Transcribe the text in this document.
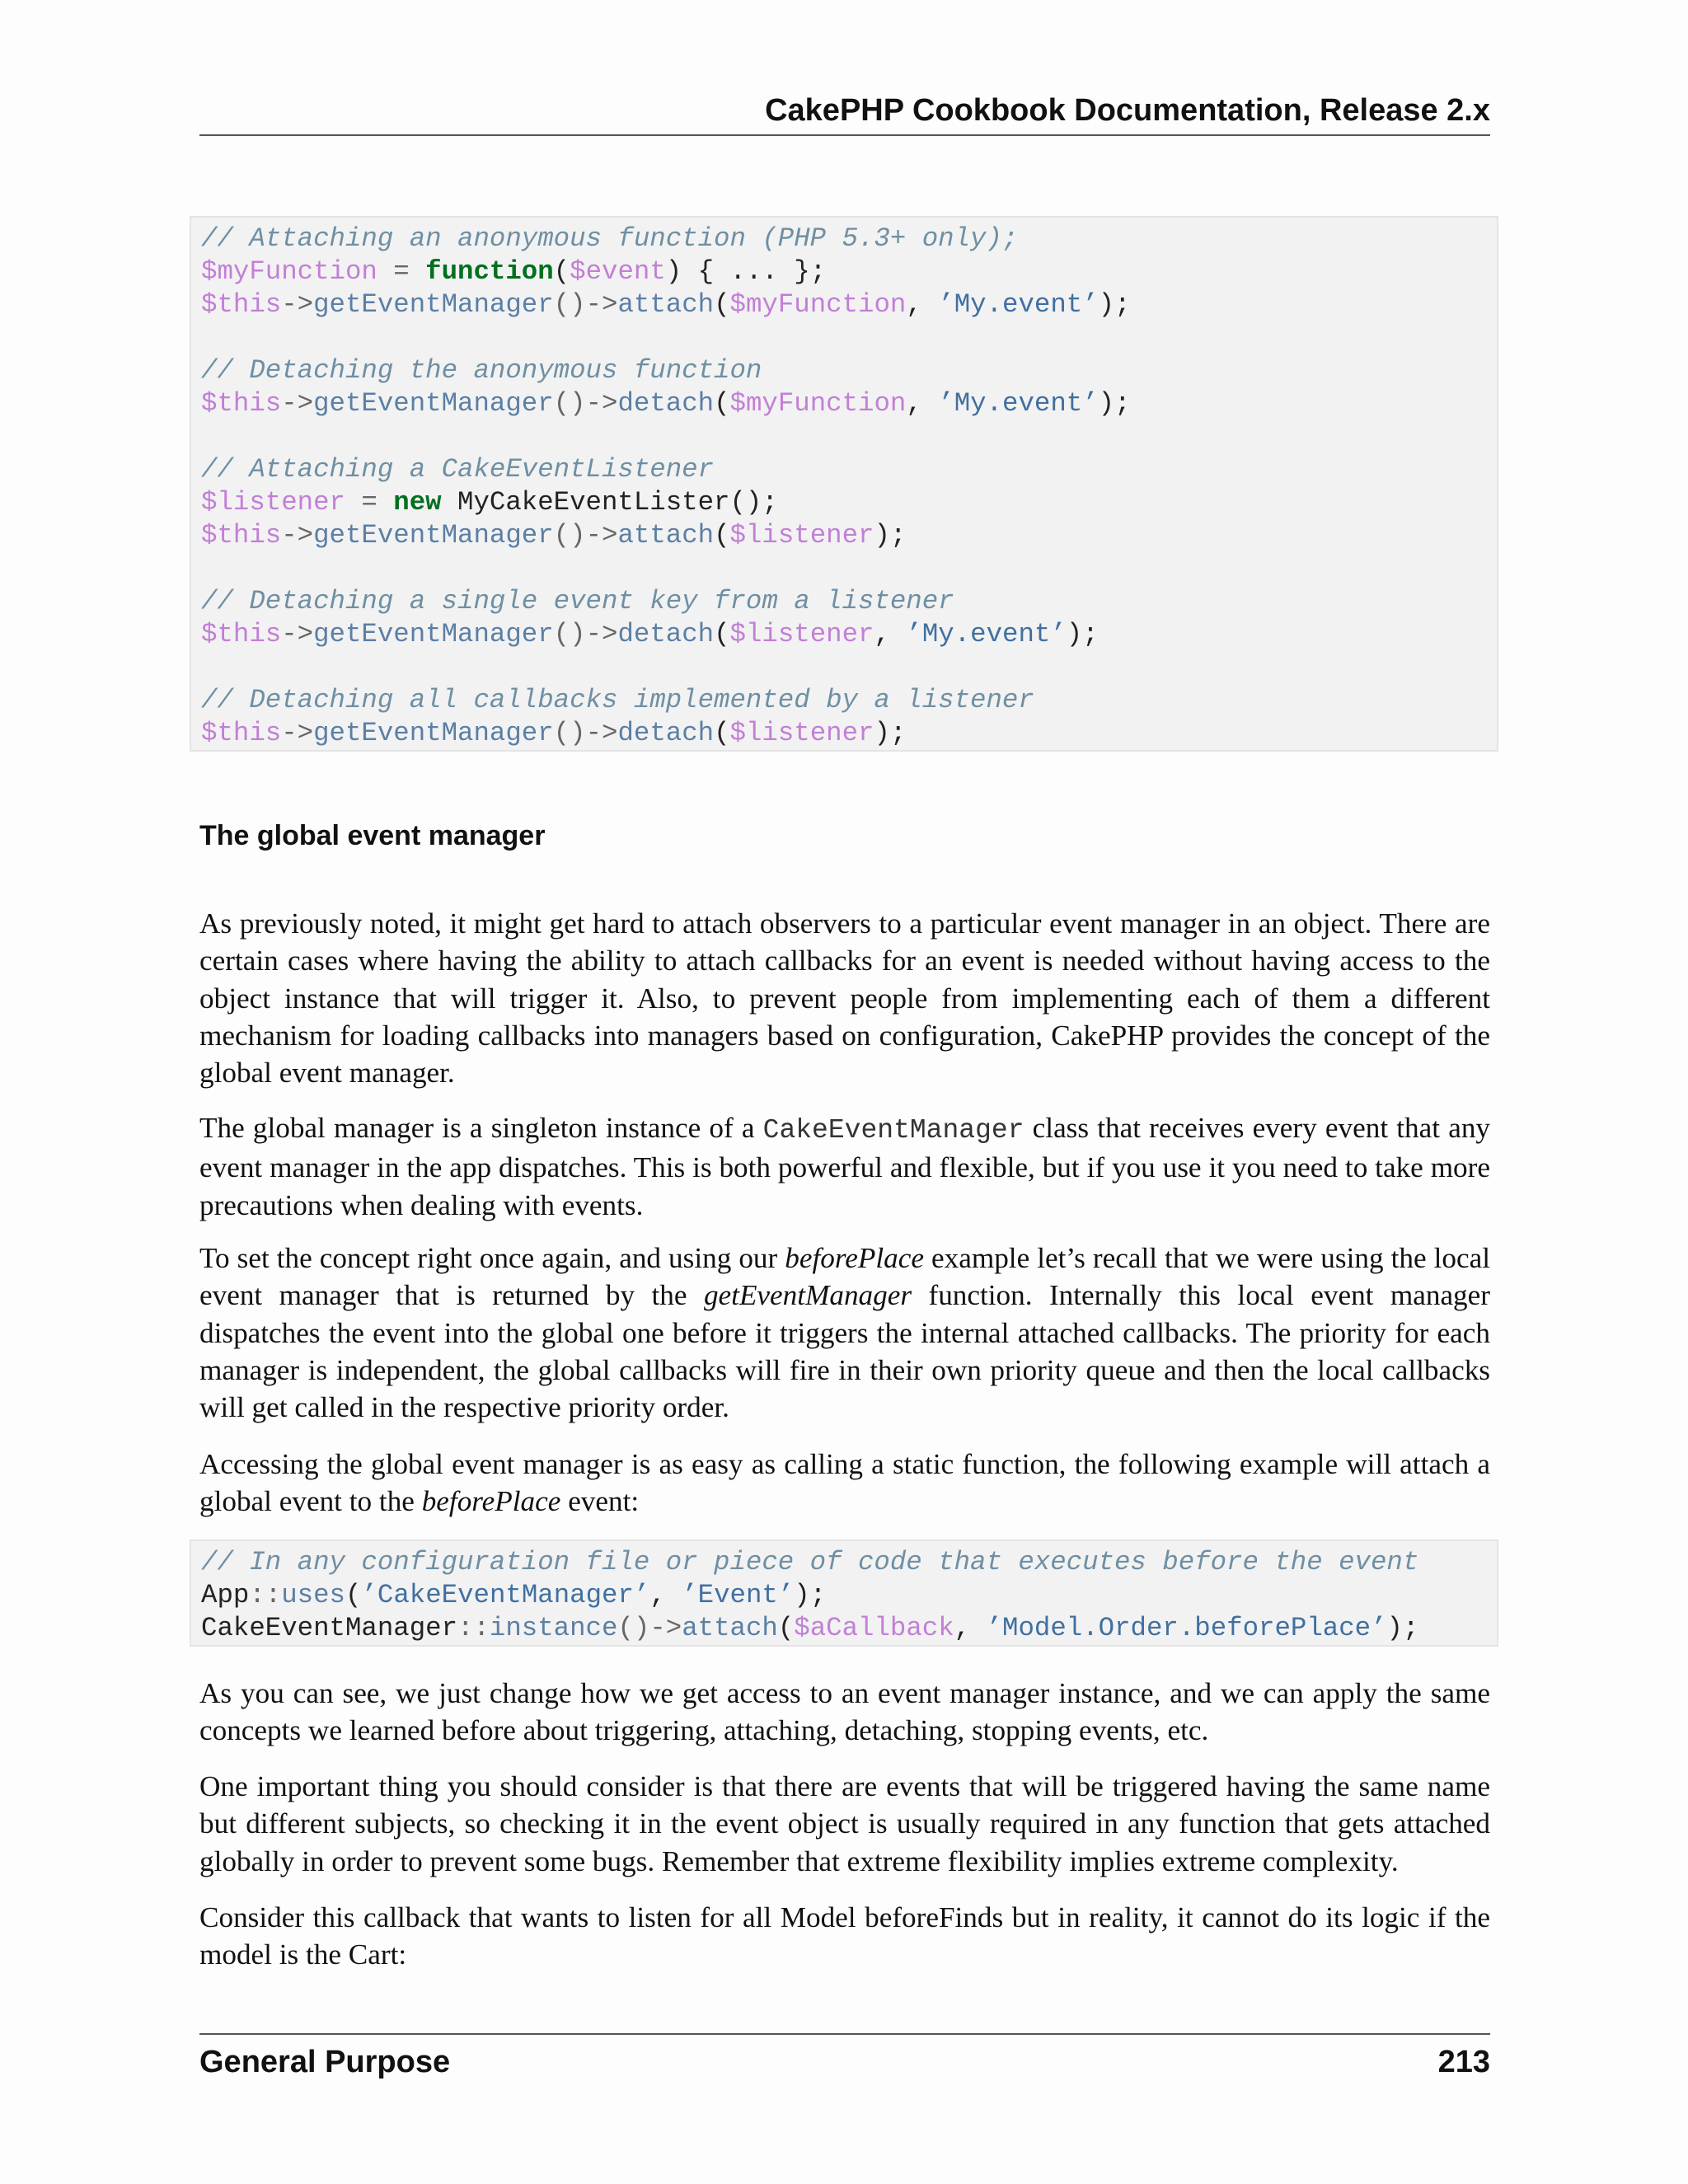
CakePHP Cookbook Documentation, Release 2.x
// Attaching an anonymous function (PHP 5.3+ only);
$myFunction = function($event) { ... };
$this->getEventManager()->attach($myFunction, ’My.event’);
// Detaching the anonymous function
$this->getEventManager()->detach($myFunction, ’My.event’);
// Attaching a CakeEventListener
$listener = new MyCakeEventLister();
$this->getEventManager()->attach($listener);
// Detaching a single event key from a listener
$this->getEventManager()->detach($listener, ’My.event’);
// Detaching all callbacks implemented by a listener
$this->getEventManager()->detach($listener);
The global event manager

As previously noted, it might get hard to attach observers to a particular event manager in an object. There are certain cases where having the ability to attach callbacks for an event is needed without having access to the object instance that will trigger it. Also, to prevent people from implementing each of them a different mechanism for loading callbacks into managers based on configuration, CakePHP provides the concept of the global event manager.

The global manager is a singleton instance of a CakeEventManager class that receives every event that any event manager in the app dispatches. This is both powerful and flexible, but if you use it you need to take more precautions when dealing with events.

To set the concept right once again, and using our beforePlace example let’s recall that we were using the local event manager that is returned by the getEventManager function. Internally this local event manager dispatches the event into the global one before it triggers the internal attached callbacks. The priority for each manager is independent, the global callbacks will fire in their own priority queue and then the local callbacks will get called in the respective priority order.

Accessing the global event manager is as easy as calling a static function, the following example will attach a global event to the beforePlace event:

// In any configuration file or piece of code that executes before the event
App::uses(’CakeEventManager’, ’Event’);
CakeEventManager::instance()->attach($aCallback, ’Model.Order.beforePlace’);

As you can see, we just change how we get access to an event manager instance, and we can apply the same concepts we learned before about triggering, attaching, detaching, stopping events, etc.

One important thing you should consider is that there are events that will be triggered having the same name but different subjects, so checking it in the event object is usually required in any function that gets attached globally in order to prevent some bugs. Remember that extreme flexibility implies extreme complexity.

Consider this callback that wants to listen for all Model beforeFinds but in reality, it cannot do its logic if the model is the Cart:

General Purpose	213
